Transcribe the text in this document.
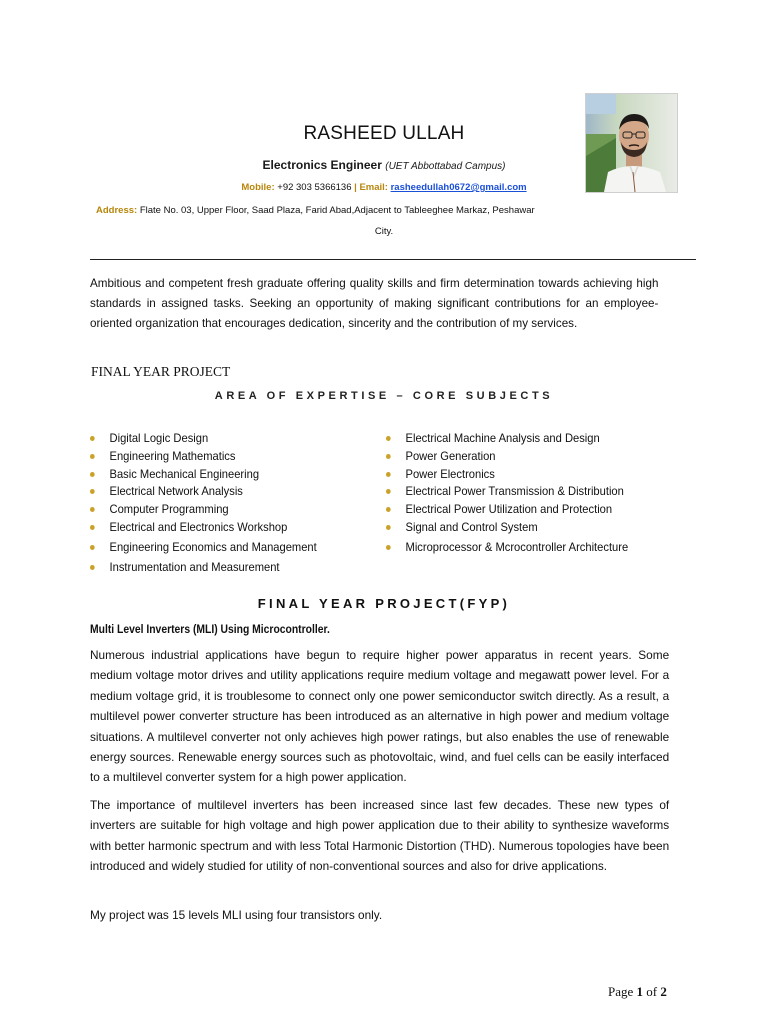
RASHEED ULLAH
Electronics Engineer (UET Abbottabad Campus)
Mobile: +92 303 5366136 | Email: rasheedullah0672@gmail.com
Address: Flate No. 03, Upper Floor, Saad Plaza, Farid Abad,Adjacent to Tableeghee Markaz, Peshawar
City.
Ambitious and competent fresh graduate offering quality skills and firm determination towards achieving high standards in assigned tasks. Seeking an opportunity of making significant contributions for an employee-oriented organization that encourages dedication, sincerity and the contribution of my services.
FINAL YEAR PROJECT
AREA OF EXPERTISE – CORE SUBJECTS
Digital Logic Design
Engineering Mathematics
Basic Mechanical Engineering
Electrical Network Analysis
Computer Programming
Electrical and Electronics Workshop
Engineering Economics and Management
Instrumentation and Measurement
Electrical Machine Analysis and Design
Power Generation
Power Electronics
Electrical Power Transmission & Distribution
Electrical Power Utilization and Protection
Signal and Control System
Microprocessor & Mcrocontroller Architecture
FINAL YEAR PROJECT(FYP)
Multi Level Inverters (MLI) Using Microcontroller.
Numerous industrial applications have begun to require higher power apparatus in recent years. Some medium voltage motor drives and utility applications require medium voltage and megawatt power level. For a medium voltage grid, it is troublesome to connect only one power semiconductor switch directly. As a result, a multilevel power converter structure has been introduced as an alternative in high power and medium voltage situations. A multilevel converter not only achieves high power ratings, but also enables the use of renewable energy sources. Renewable energy sources such as photovoltaic, wind, and fuel cells can be easily interfaced to a multilevel converter system for a high power application.
The importance of multilevel inverters has been increased since last few decades. These new types of inverters are suitable for high voltage and high power application due to their ability to synthesize waveforms with better harmonic spectrum and with less Total Harmonic Distortion (THD). Numerous topologies have been introduced and widely studied for utility of non-conventional sources and also for drive applications.
My project was 15 levels MLI using four transistors only.
Page 1 of 2
